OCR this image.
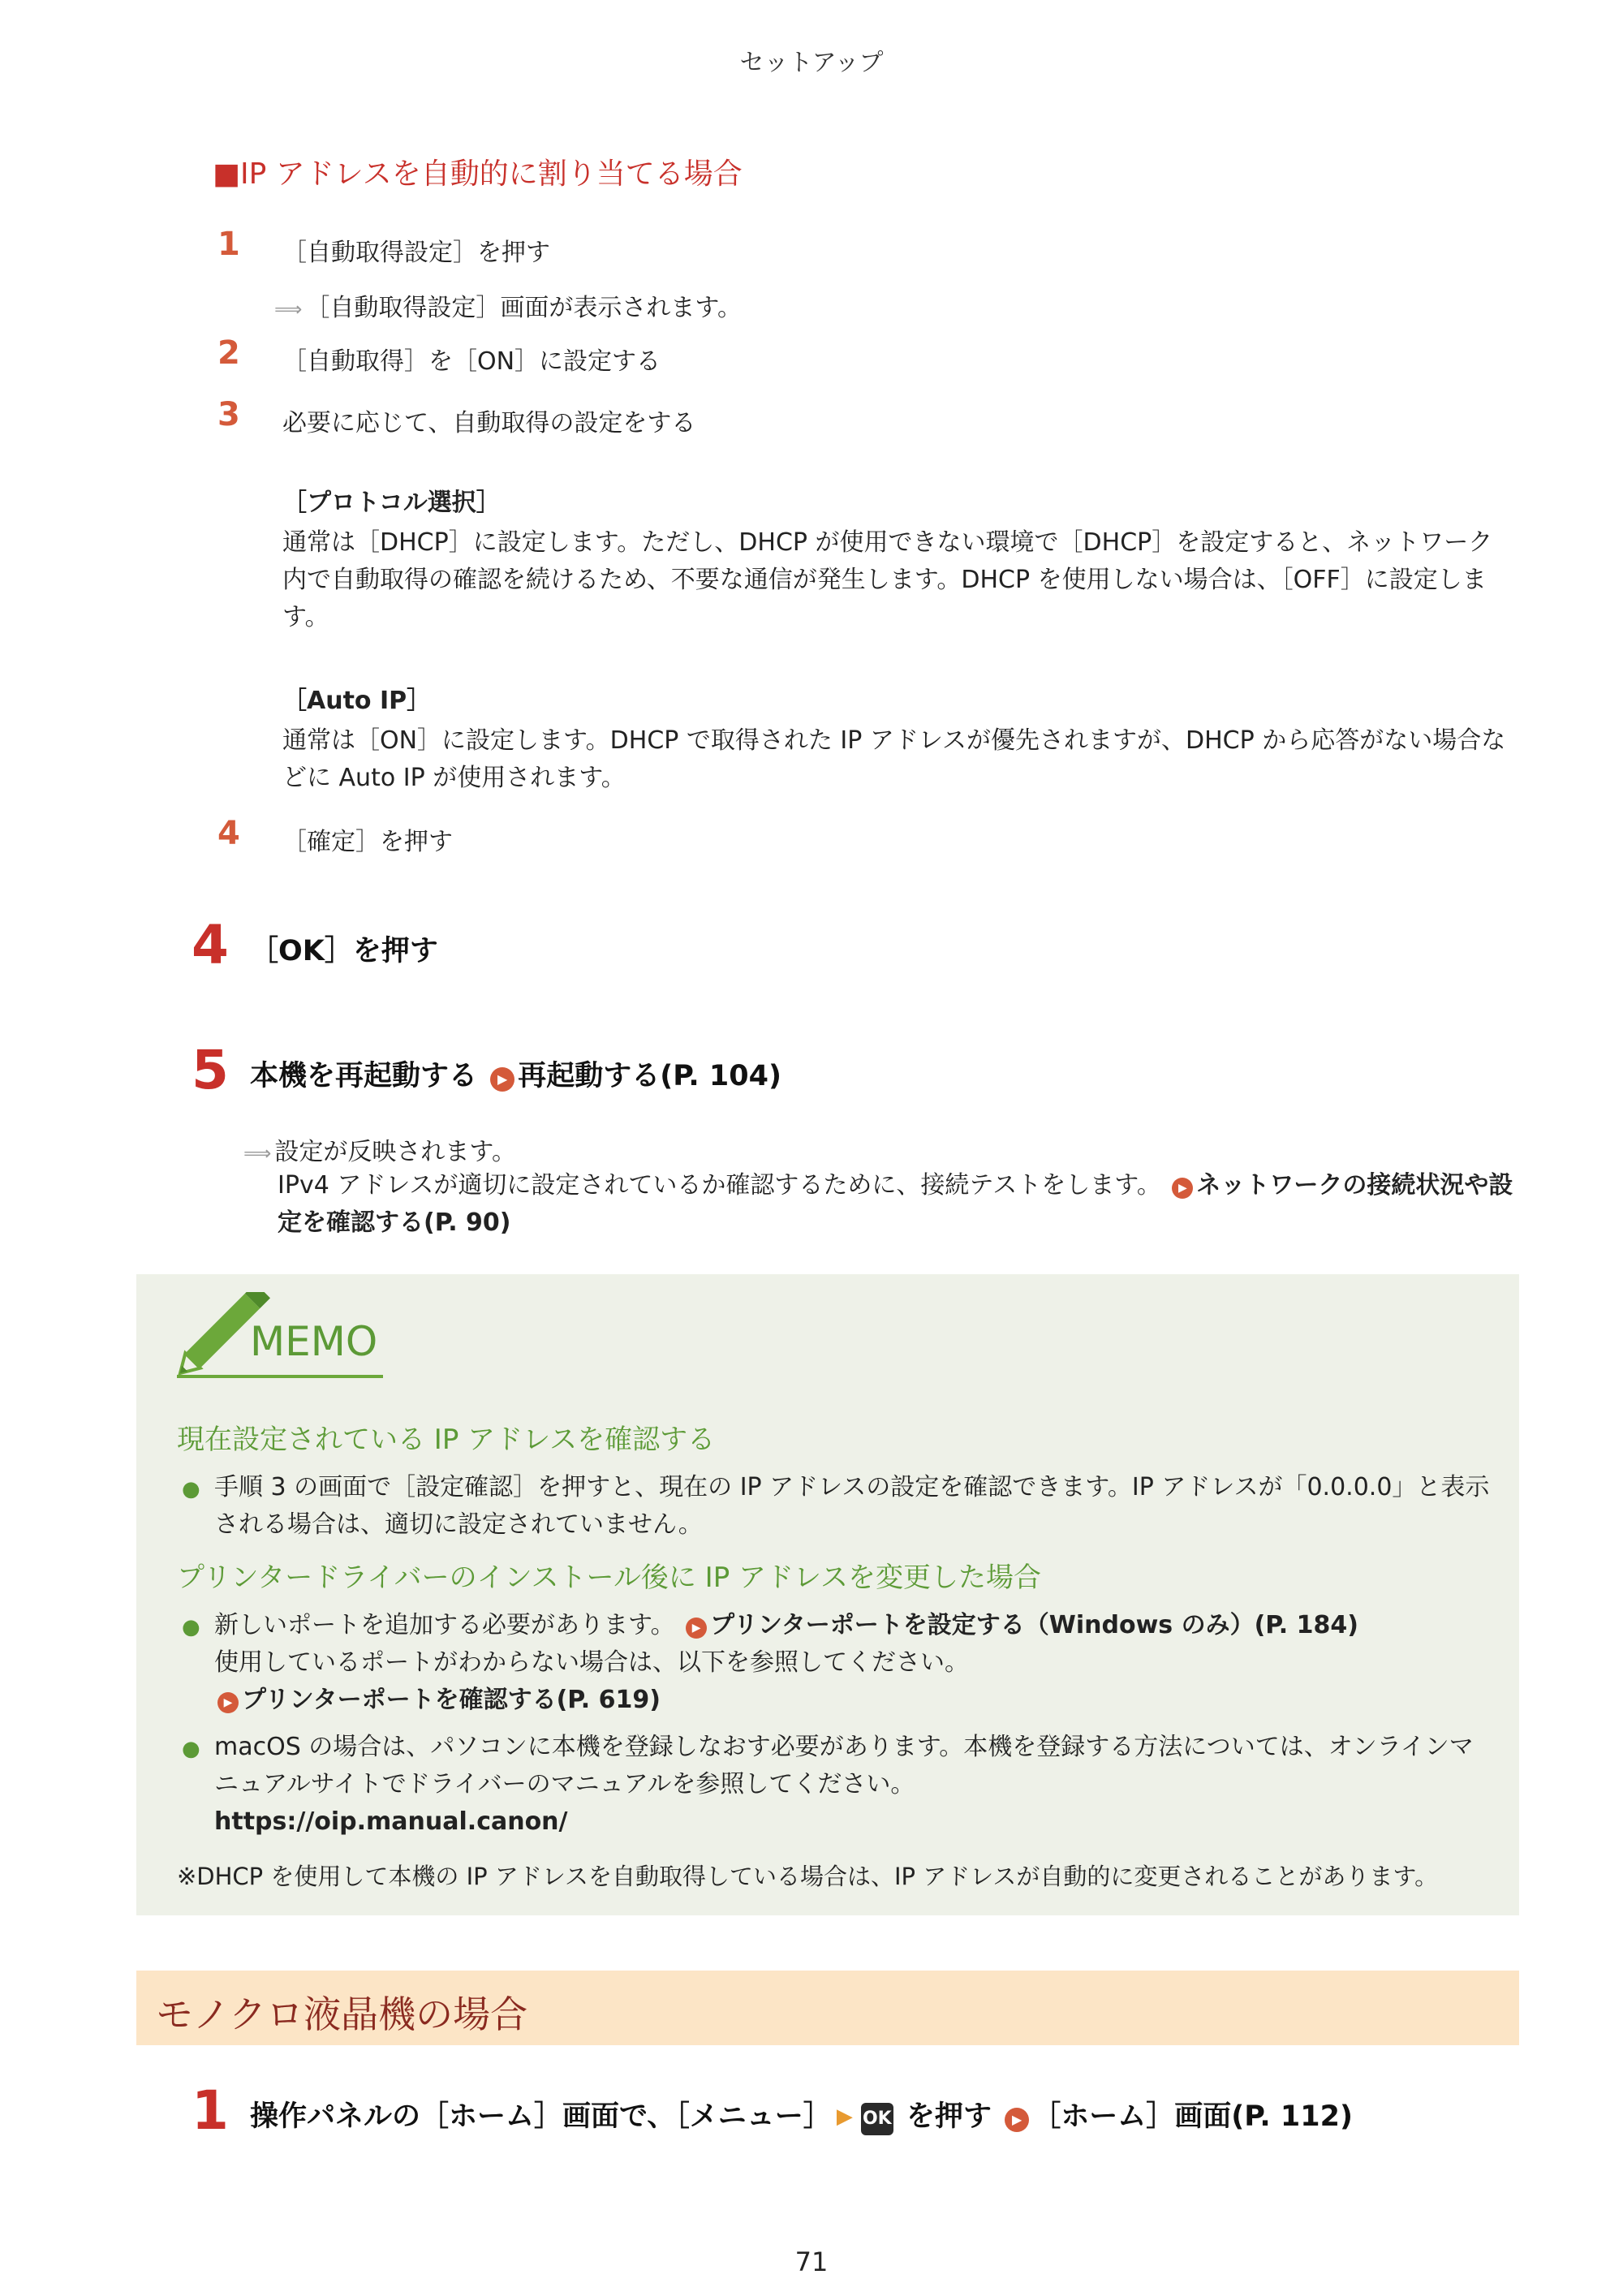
セットアップ
■IP アドレスを自動的に割り当てる場合
1 ［自動取得設定］を押す
⟹ ［自動取得設定］画面が表示されます。
2 ［自動取得］を［ON］に設定する
3 必要に応じて、自動取得の設定をする
［プロトコル選択］
通常は［DHCP］に設定します。ただし、DHCP が使用できない環境で［DHCP］を設定すると、ネットワーク内で自動取得の確認を続けるため、不要な通信が発生します。DHCP を使用しない場合は、［OFF］に設定します。
［Auto IP］
通常は［ON］に設定します。DHCP で取得された IP アドレスが優先されますが、DHCP から応答がない場合などに Auto IP が使用されます。
4 ［確定］を押す
4 ［OK］を押す
5 本機を再起動する ▶ 再起動する(P. 104)
⟹ 設定が反映されます。
IPv4 アドレスが適切に設定されているか確認するために、接続テストをします。 ▶ ネットワークの接続状況や設定を確認する(P. 90)
MEMO
現在設定されている IP アドレスを確認する
● 手順 3 の画面で［設定確認］を押すと、現在の IP アドレスの設定を確認できます。IP アドレスが「0.0.0.0」と表示される場合は、適切に設定されていません。
プリンタードライバーのインストール後に IP アドレスを変更した場合
● 新しいポートを追加する必要があります。 ▶ プリンターポートを設定する（Windows のみ）(P. 184)
使用しているポートがわからない場合は、以下を参照してください。
▶ プリンターポートを確認する(P. 619)
● macOS の場合は、パソコンに本機を登録しなおす必要があります。本機を登録する方法については、オンラインマニュアルサイトでドライバーのマニュアルを参照してください。
https://oip.manual.canon/
※DHCP を使用して本機の IP アドレスを自動取得している場合は、IP アドレスが自動的に変更されることがあります。
モノクロ液晶機の場合
1 操作パネルの［ホーム］画面で、［メニュー］ ▶ OK を押す ▶ ［ホーム］画面(P. 112)
71
